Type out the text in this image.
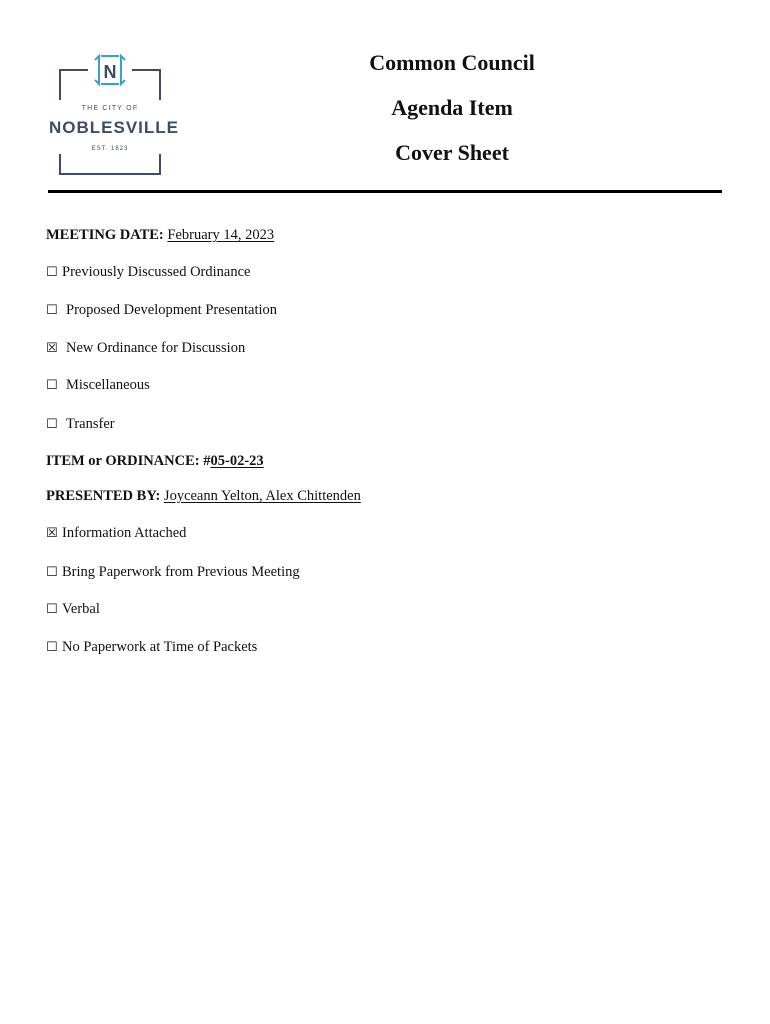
N
THE CITY OF
NOBLESVILLE
EST. 1823
Common Council
Agenda Item
Cover Sheet
MEETING DATE: February 14, 2023
☐ Previously Discussed Ordinance
☐ Proposed Development Presentation
☒ New Ordinance for Discussion
☐ Miscellaneous
☐ Transfer
ITEM or ORDINANCE: #05-02-23
PRESENTED BY: Joyceann Yelton, Alex Chittenden
☒ Information Attached
☐ Bring Paperwork from Previous Meeting
☐ Verbal
☐ No Paperwork at Time of Packets
